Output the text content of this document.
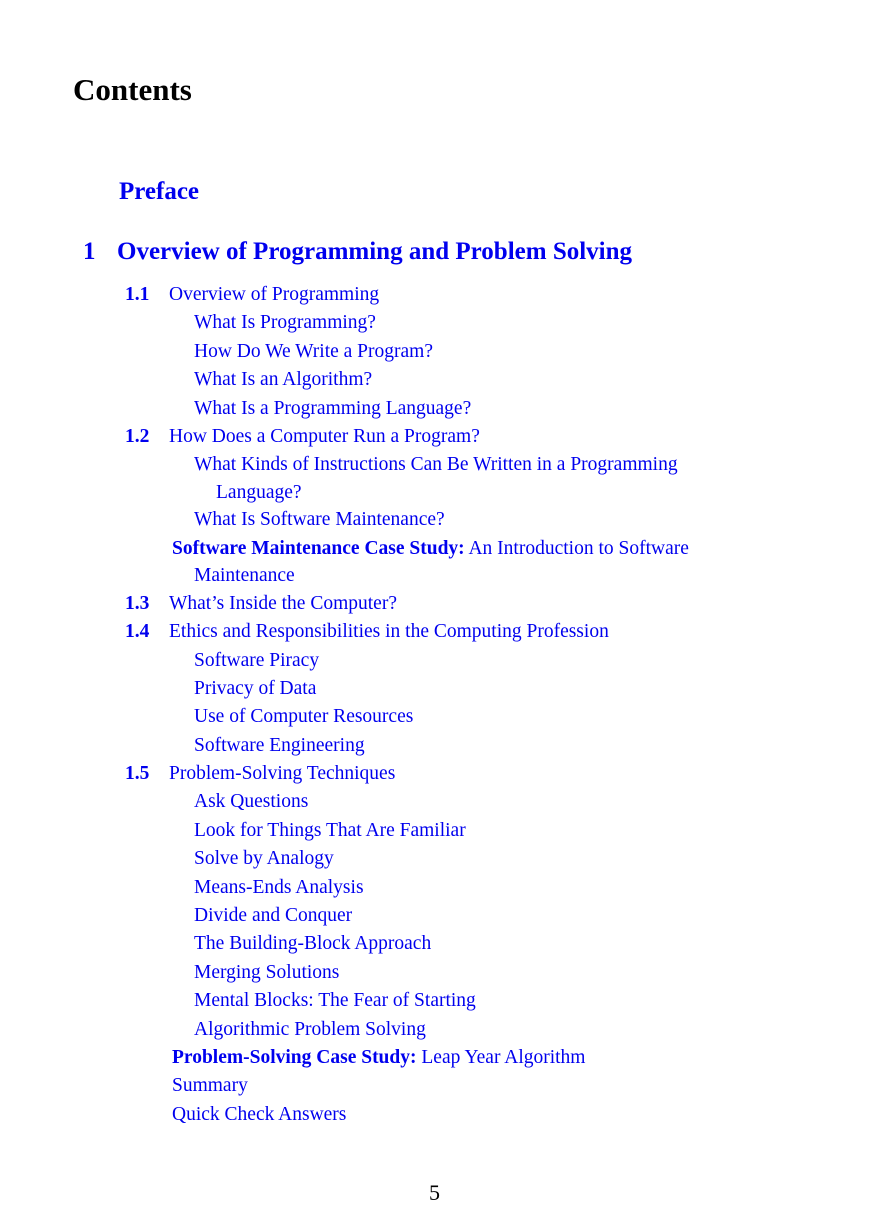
Contents
Preface
1 Overview of Programming and Problem Solving
1.1 Overview of Programming
What Is Programming?
How Do We Write a Program?
What Is an Algorithm?
What Is a Programming Language?
1.2 How Does a Computer Run a Program?
What Kinds of Instructions Can Be Written in a Programming
Language?
What Is Software Maintenance?
Software Maintenance Case Study: An Introduction to Software
Maintenance
1.3 What’s Inside the Computer?
1.4 Ethics and Responsibilities in the Computing Profession
Software Piracy
Privacy of Data
Use of Computer Resources
Software Engineering
1.5 Problem-Solving Techniques
Ask Questions
Look for Things That Are Familiar
Solve by Analogy
Means-Ends Analysis
Divide and Conquer
The Building-Block Approach
Merging Solutions
Mental Blocks: The Fear of Starting
Algorithmic Problem Solving
Problem-Solving Case Study: Leap Year Algorithm
Summary
Quick Check Answers
5
